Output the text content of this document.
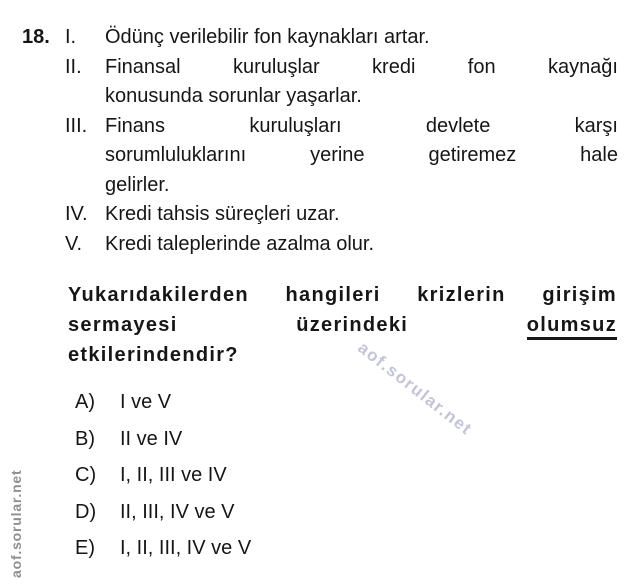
18. I.	Ödünç verilebilir fon kaynakları artar.
II.	Finansal kuruluşlar kredi fon kaynağı
konusunda sorunlar yaşarlar.
III. Finans kuruluşları devlete karşı
sorumluluklarını yerine getiremez hale
gelirler.
IV. Kredi tahsis süreçleri uzar.
V.	Kredi taleplerinde azalma olur.
Yukarıdakilerden hangileri krizlerin girişim
sermayesi üzerindeki	olumsuz
etkilerindendir?
A)	I ve V
B)	II ve IV
C)	I, II, III ve IV
D)	II, III, IV ve V
E)	I, II, III, IV ve V
aof.sorular.net
aof.sorular.net
